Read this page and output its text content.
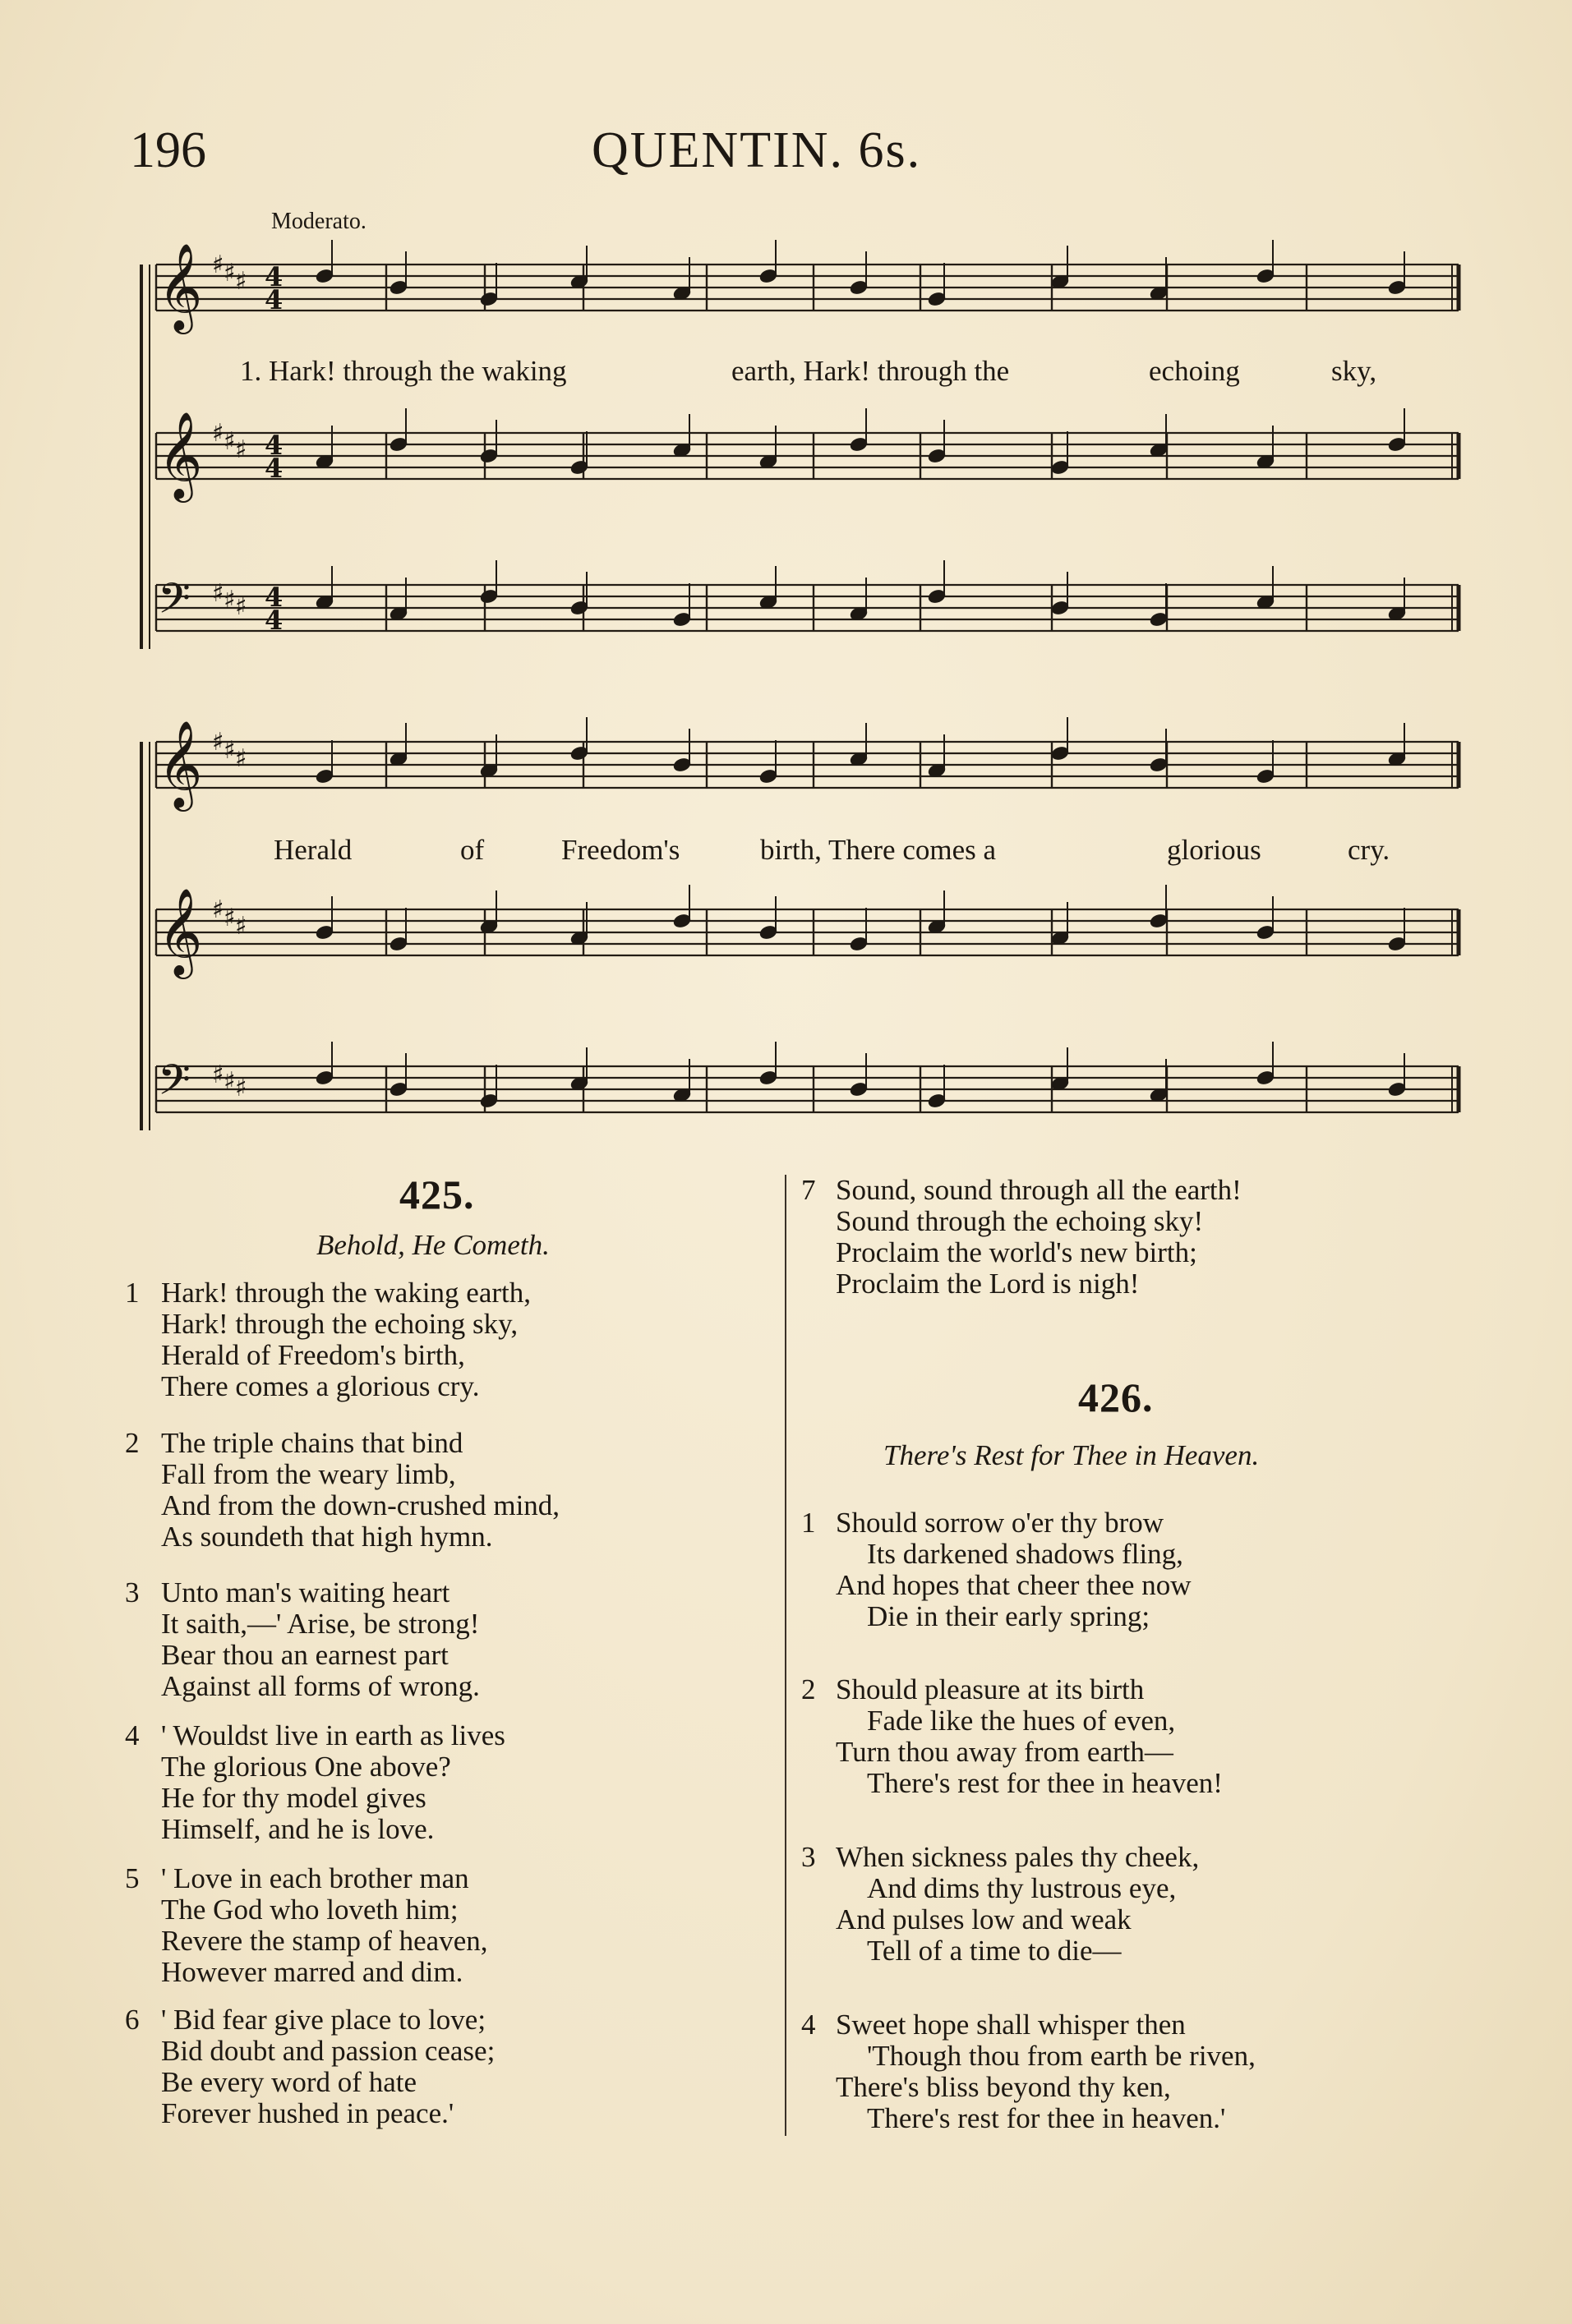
196	QUENTIN. 6s.
Moderato.
𝄞 ♯ ♯ ♯ 4
4
𝄞 ♯ ♯ ♯ 4
4
𝄢 ♯ ♯ ♯ 4
4
𝄞 ♯ ♯ ♯
𝄞 ♯ ♯ ♯
𝄢 ♯ ♯ ♯
1. Hark! through the waking	earth, Hark! through the	echoing	sky,
Herald	of	Freedom's	birth, There comes a	glorious	cry.
425.
Behold, He Cometh.
1 Hark! through the waking earth,
Hark! through the echoing sky,
Herald of Freedom's birth,
There comes a glorious cry.
2 The triple chains that bind
Fall from the weary limb,
And from the down-crushed mind,
As soundeth that high hymn.
3 Unto man's waiting heart
It saith,—' Arise, be strong!
Bear thou an earnest part
Against all forms of wrong.
4 ' Wouldst live in earth as lives
The glorious One above?
He for thy model gives
Himself, and he is love.
5 ' Love in each brother man
The God who loveth him;
Revere the stamp of heaven,
However marred and dim.
6 ' Bid fear give place to love;
Bid doubt and passion cease;
Be every word of hate
Forever hushed in peace.'
7 Sound, sound through all the earth!
Sound through the echoing sky!
Proclaim the world's new birth;
Proclaim the Lord is nigh!
426.
There's Rest for Thee in Heaven.
1 Should sorrow o'er thy brow
Its darkened shadows fling,
And hopes that cheer thee now
Die in their early spring;
2 Should pleasure at its birth
Fade like the hues of even,
Turn thou away from earth—
There's rest for thee in heaven!
3 When sickness pales thy cheek,
And dims thy lustrous eye,
And pulses low and weak
Tell of a time to die—
4 Sweet hope shall whisper then
'Though thou from earth be riven,
There's bliss beyond thy ken,
There's rest for thee in heaven.'
